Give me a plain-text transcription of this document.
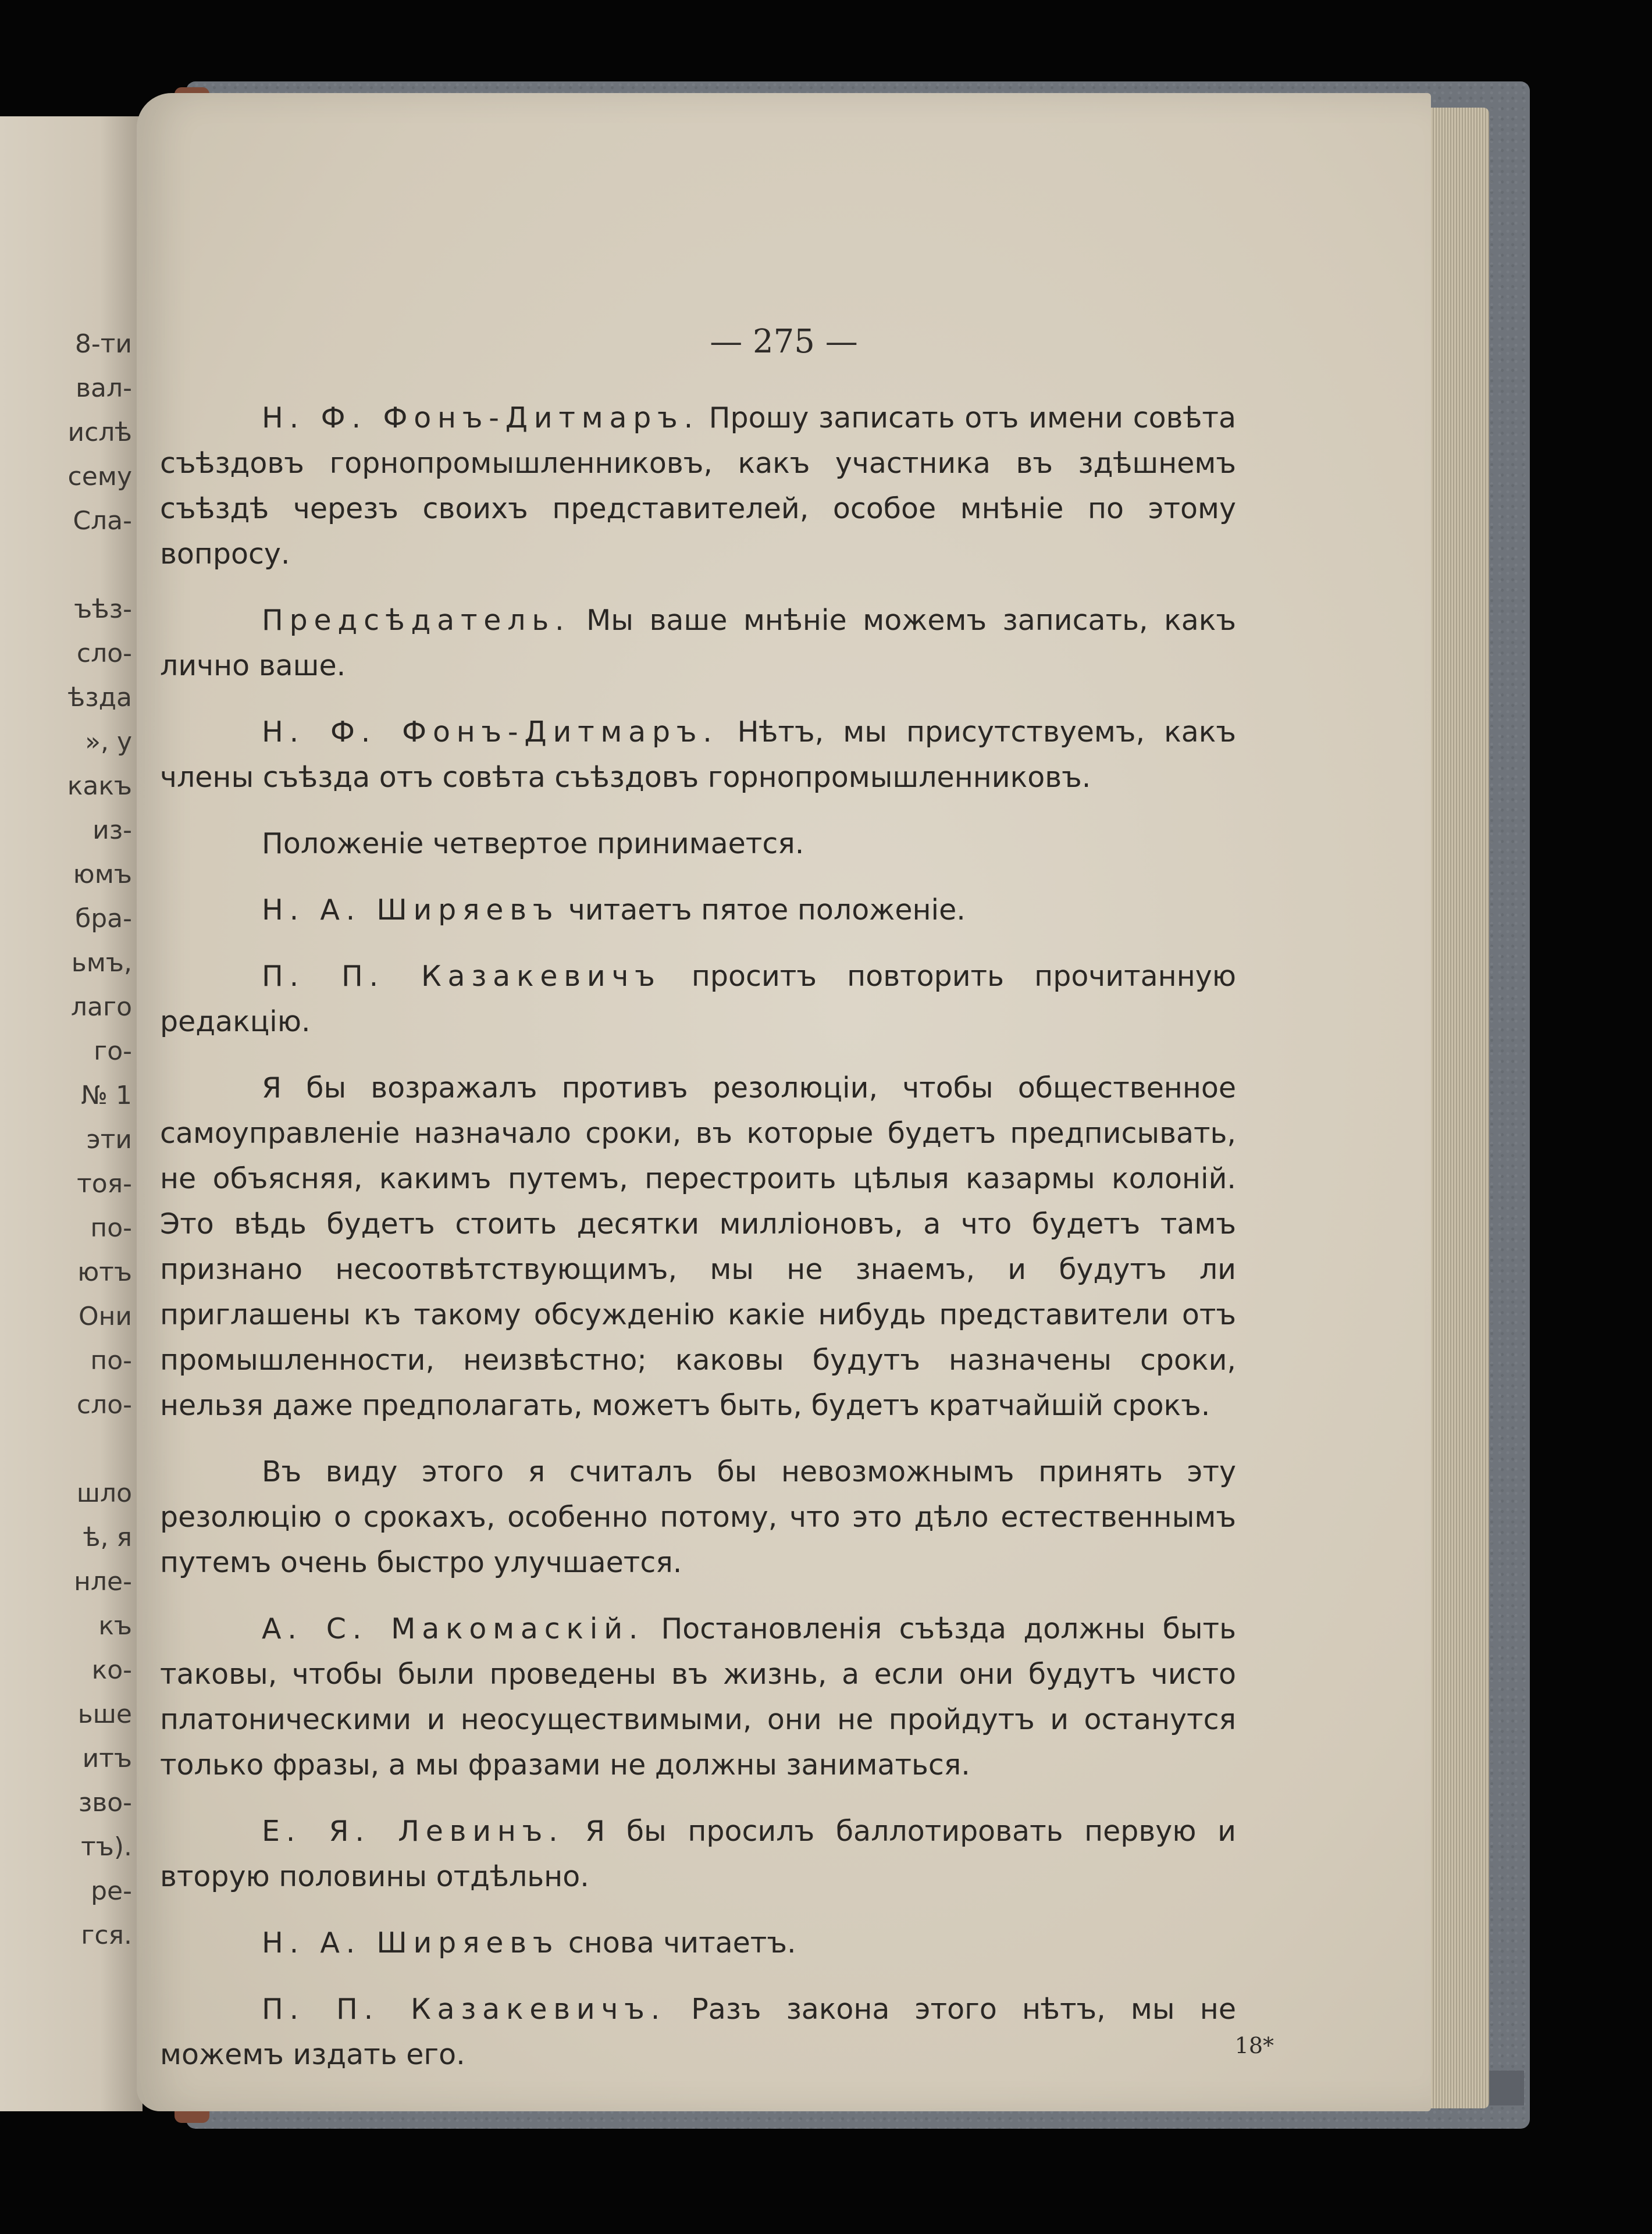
8-ти
вал-
ислѣ
сему
Сла-
ъѣз-
сло-
ѣзда
», у
какъ
из-
юмъ
бра-
ьмъ,
лаго
го-
№ 1
эти
тоя-
по-
ютъ
Они
по-
сло-
шло
ѣ, я
нле-
къ
ко-
ьше
итъ
зво-
тъ).
ре-
гся.
— 275 —

Н. Ф. Фонъ-Дитмаръ. Прошу записать отъ имени совѣта съѣздовъ горнопромышленниковъ, какъ участника въ здѣшнемъ съѣздѣ черезъ своихъ представителей, особое мнѣніе по этому вопросу.

Предсѣдатель. Мы ваше мнѣніе можемъ записать, какъ лично ваше.

Н. Ф. Фонъ-Дитмаръ. Нѣтъ, мы присутствуемъ, какъ члены съѣзда отъ совѣта съѣздовъ горнопромышленниковъ.

Положеніе четвертое принимается.

Н. А. Ширяевъ читаетъ пятое положеніе.

П. П. Казакевичъ проситъ повторить прочитанную редакцію.

Я бы возражалъ противъ резолюціи, чтобы общественное самоуправленіе назначало сроки, въ которые будетъ предписывать, не объясняя, какимъ путемъ, перестроить цѣлыя казармы колоній. Это вѣдь будетъ стоить десятки милліоновъ, а что будетъ тамъ признано несоотвѣтствующимъ, мы не знаемъ, и будутъ ли приглашены къ такому обсужденію какіе нибудь представители отъ промышленности, неизвѣстно; каковы будутъ назначены сроки, нельзя даже предполагать, можетъ быть, будетъ кратчайшій срокъ.

Въ виду этого я считалъ бы невозможнымъ принять эту резолюцію о срокахъ, особенно потому, что это дѣло естественнымъ путемъ очень быстро улучшается.

А. С. Макомаскій. Постановленія съѣзда должны быть таковы, чтобы были проведены въ жизнь, а если они будутъ чисто платоническими и неосуществимыми, они не пройдутъ и останутся только фразы, а мы фразами не должны заниматься.

Е. Я. Левинъ. Я бы просилъ баллотировать первую и вторую половины отдѣльно.

Н. А. Ширяевъ снова читаетъ.

П. П. Казакевичъ. Разъ закона этого нѣтъ, мы не можемъ издать его.	18*
